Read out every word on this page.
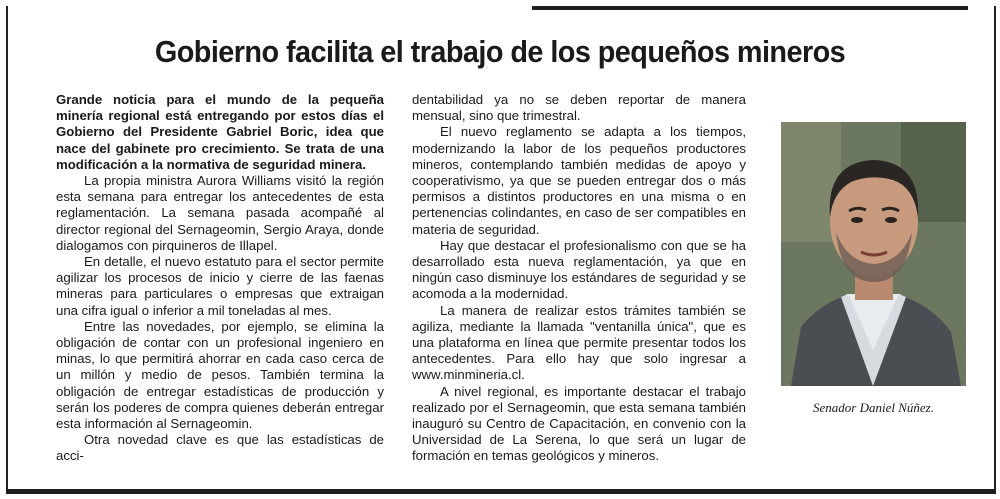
Gobierno facilita el trabajo de los pequeños mineros

Grande noticia para el mundo de la pequeña minería regional está entregando por estos días el Gobierno del Presidente Gabriel Boric, idea que nace del gabinete pro crecimiento. Se trata de una modificación a la normativa de seguridad minera.

La propia ministra Aurora Williams visitó la región esta semana para entregar los antecedentes de esta reglamentación. La semana pasada acompañé al director regional del Sernageomin, Sergio Araya, donde dialogamos con pirquineros de Illapel.

En detalle, el nuevo estatuto para el sector permite agilizar los procesos de inicio y cierre de las faenas mineras para particulares o empresas que extraigan una cifra igual o inferior a mil toneladas al mes.

Entre las novedades, por ejemplo, se elimina la obligación de contar con un profesional ingeniero en minas, lo que permitirá ahorrar en cada caso cerca de un millón y medio de pesos. También termina la obligación de entregar estadísticas de producción y serán los poderes de compra quienes deberán entregar esta información al Sernageomin.

Otra novedad clave es que las estadísticas de acci-

dentabilidad ya no se deben reportar de manera mensual, sino que trimestral.

El nuevo reglamento se adapta a los tiempos, modernizando la labor de los pequeños productores mineros, contemplando también medidas de apoyo y cooperativismo, ya que se pueden entregar dos o más permisos a distintos productores en una misma o en pertenencias colindantes, en caso de ser compatibles en materia de seguridad.

Hay que destacar el profesionalismo con que se ha desarrollado esta nueva reglamentación, ya que en ningún caso disminuye los estándares de seguridad y se acomoda a la modernidad.

La manera de realizar estos trámites también se agiliza, mediante la llamada "ventanilla única", que es una plataforma en línea que permite presentar todos los antecedentes. Para ello hay que solo ingresar a www.minmineria.cl.

A nivel regional, es importante destacar el trabajo realizado por el Sernageomin, que esta semana también inauguró su Centro de Capacitación, en convenio con la Universidad de La Serena, lo que será un lugar de formación en temas geológicos y mineros.

Senador Daniel Núñez.
